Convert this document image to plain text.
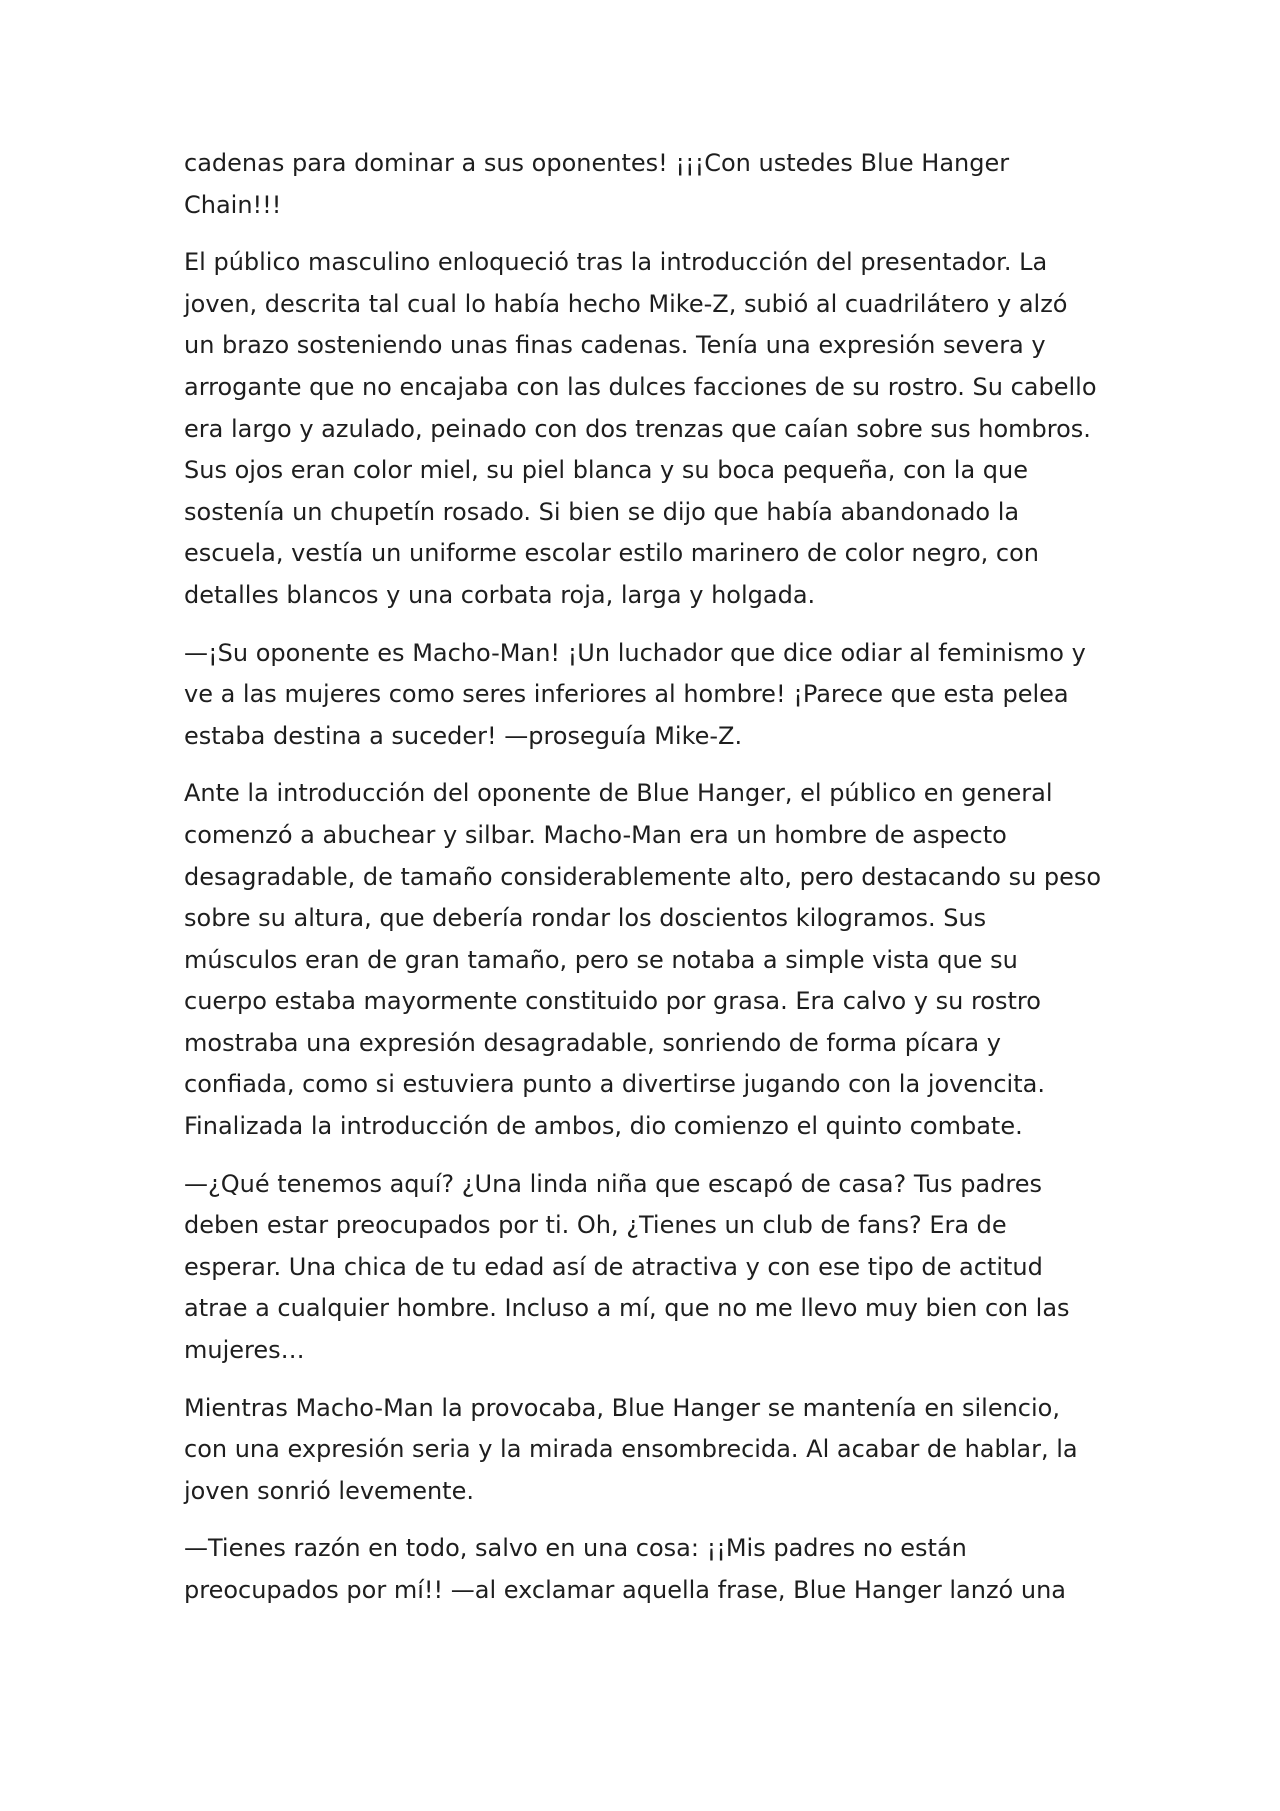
cadenas para dominar a sus oponentes! ¡¡¡Con ustedes Blue Hanger Chain!!!

El público masculino enloqueció tras la introducción del presentador. La joven, descrita tal cual lo había hecho Mike-Z, subió al cuadrilátero y alzó un brazo sosteniendo unas finas cadenas. Tenía una expresión severa y arrogante que no encajaba con las dulces facciones de su rostro. Su cabello era largo y azulado, peinado con dos trenzas que caían sobre sus hombros. Sus ojos eran color miel, su piel blanca y su boca pequeña, con la que sostenía un chupetín rosado. Si bien se dijo que había abandonado la escuela, vestía un uniforme escolar estilo marinero de color negro, con detalles blancos y una corbata roja, larga y holgada.

—¡Su oponente es Macho-Man! ¡Un luchador que dice odiar al feminismo y ve a las mujeres como seres inferiores al hombre! ¡Parece que esta pelea estaba destina a suceder! —proseguía Mike-Z.

Ante la introducción del oponente de Blue Hanger, el público en general comenzó a abuchear y silbar. Macho-Man era un hombre de aspecto desagradable, de tamaño considerablemente alto, pero destacando su peso sobre su altura, que debería rondar los doscientos kilogramos. Sus músculos eran de gran tamaño, pero se notaba a simple vista que su cuerpo estaba mayormente constituido por grasa. Era calvo y su rostro mostraba una expresión desagradable, sonriendo de forma pícara y confiada, como si estuviera punto a divertirse jugando con la jovencita. Finalizada la introducción de ambos, dio comienzo el quinto combate.

—¿Qué tenemos aquí? ¿Una linda niña que escapó de casa? Tus padres deben estar preocupados por ti. Oh, ¿Tienes un club de fans? Era de esperar. Una chica de tu edad así de atractiva y con ese tipo de actitud atrae a cualquier hombre. Incluso a mí, que no me llevo muy bien con las mujeres…

Mientras Macho-Man la provocaba, Blue Hanger se mantenía en silencio, con una expresión seria y la mirada ensombrecida. Al acabar de hablar, la joven sonrió levemente.

—Tienes razón en todo, salvo en una cosa: ¡¡Mis padres no están preocupados por mí!! —al exclamar aquella frase, Blue Hanger lanzó una
